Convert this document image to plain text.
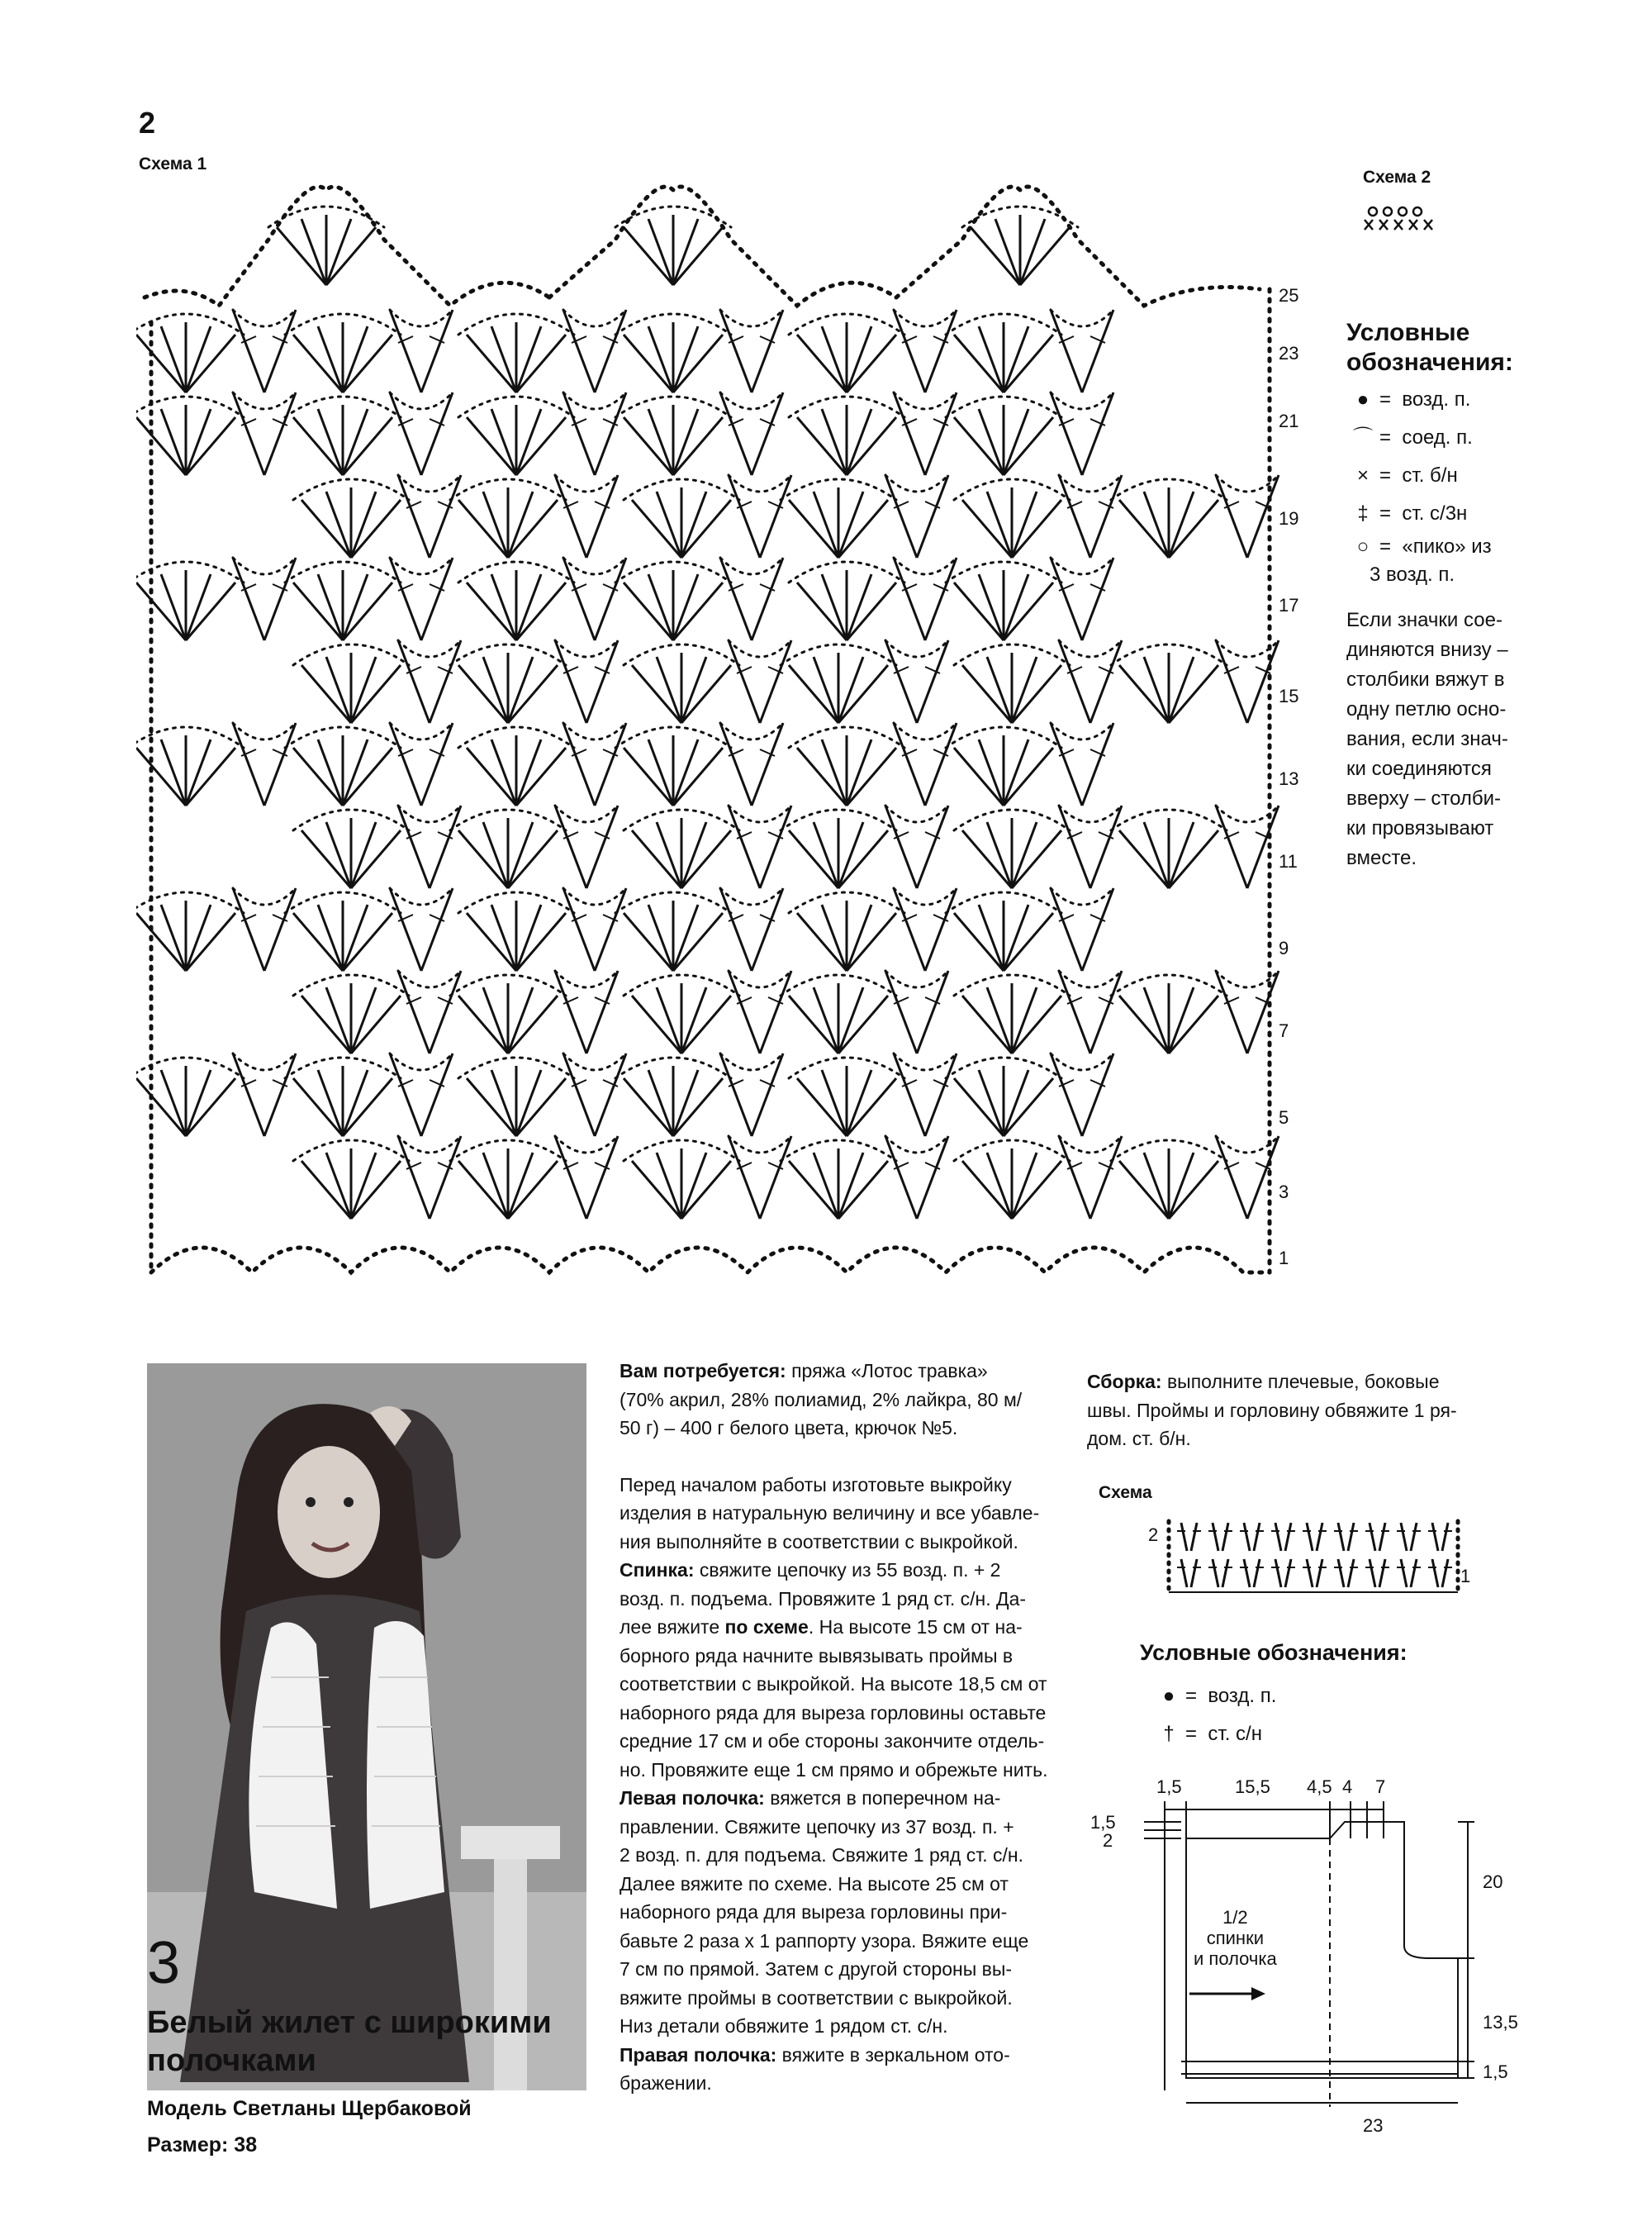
2
Схема 1
25
23
21
19
17
15
13
11
9
7
5
3
1
Схема 2
Условные
обозначения:
● =
возд. п.
⌒ =
соед. п.
× =
ст. б/н
‡ =
ст. с/3н
○ =
«пико» из
3 возд. п.
Если значки сое-
диняются внизу –
столбики вяжут в
одну петлю осно-
вания, если знач-
ки соединяются
вверху – столби-
ки провязывают
вместе.
3
Белый жилет с широкими
полочками
Модель Светланы Щербаковой
Размер: 38
Вам потребуется: пряжа «Лотос травка»
(70% акрил, 28% полиамид, 2% лайкра, 80 м/
50 г) – 400 г белого цвета, крючок №5.
Перед началом работы изготовьте выкройку
изделия в натуральную величину и все убавле-
ния выполняйте в соответствии с выкройкой.
Спинка: свяжите цепочку из 55 возд. п. + 2
возд. п. подъема. Провяжите 1 ряд ст. с/н. Да-
лее вяжите по схеме. На высоте 15 см от на-
борного ряда начните вывязывать проймы в
соответствии с выкройкой. На высоте 18,5 см от
наборного ряда для выреза горловины оставьте
средние 17 см и обе стороны закончите отдель-
но. Провяжите еще 1 см прямо и обрежьте нить.
Левая полочка: вяжется в поперечном на-
правлении. Свяжите цепочку из 37 возд. п. +
2 возд. п. для подъема. Свяжите 1 ряд ст. с/н.
Далее вяжите по схеме. На высоте 25 см от
наборного ряда для выреза горловины при-
бавьте 2 раза х 1 раппорту узора. Вяжите еще
7 см по прямой. Затем с другой стороны вы-
вяжите проймы в соответствии с выкройкой.
Низ детали обвяжите 1 рядом ст. с/н.
Правая полочка: вяжите в зеркальном ото-
бражении.
Сборка: выполните плечевые, боковые
швы. Проймы и горловину обвяжите 1 ря-
дом. ст. б/н.
Схема
2
1
Условные обозначения:
● =
возд. п.
† =
ст. с/н
1,5	15,5 4,5 4 7
1,5
2
20
13,5
1,5
23
1/2
спинки
и полочка
